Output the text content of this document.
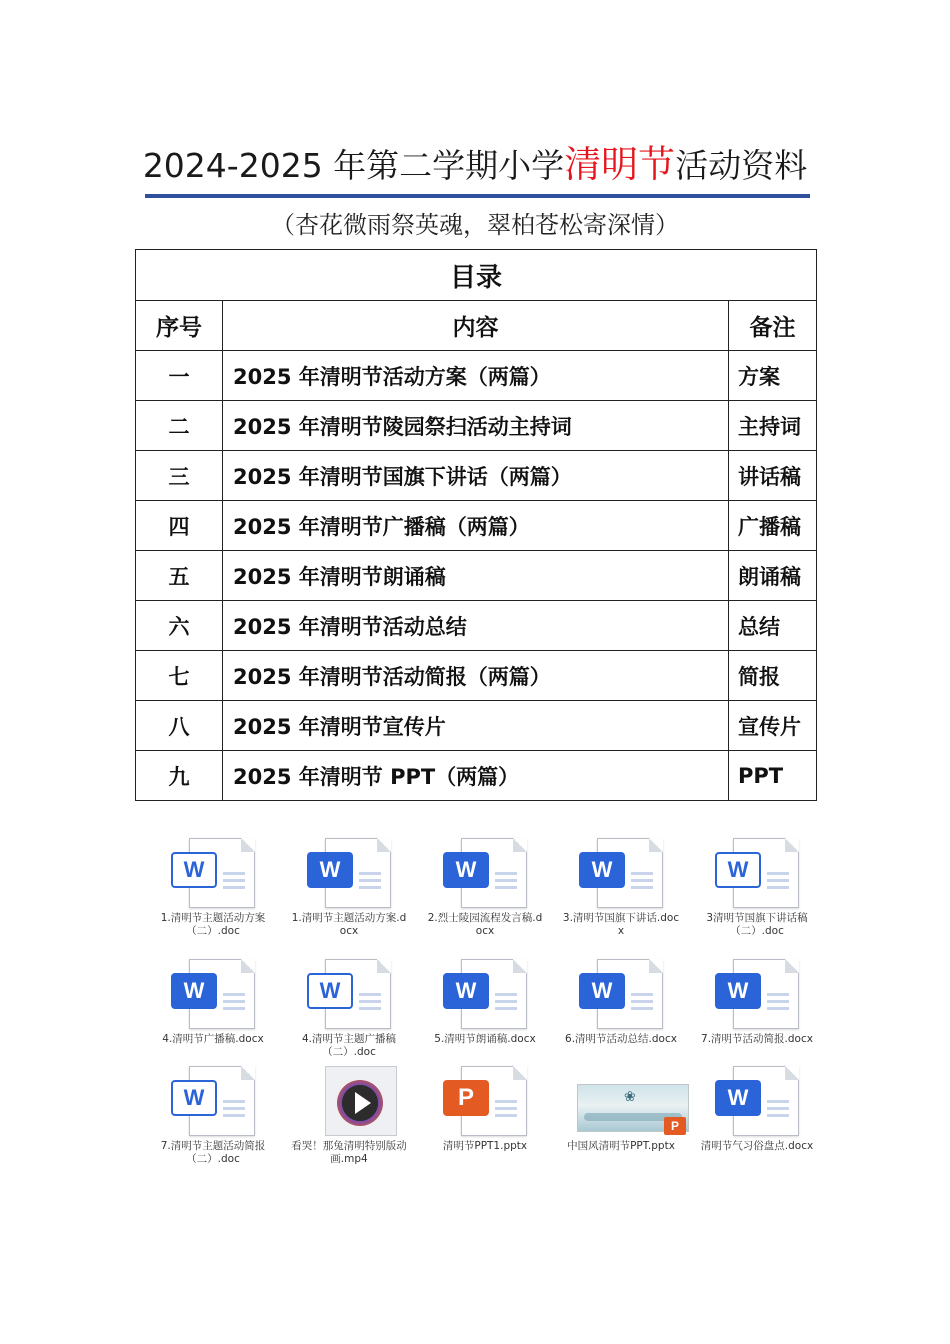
2024-2025 年第二学期小学清明节活动资料
（杏花微雨祭英魂，翠柏苍松寄深情）
目录		
序号	内容	备注
一	2025 年清明节活动方案（两篇）	方案
二	2025 年清明节陵园祭扫活动主持词	主持词
三	2025 年清明节国旗下讲话（两篇）	讲话稿
四	2025 年清明节广播稿（两篇）	广播稿
五	2025 年清明节朗诵稿	朗诵稿
六	2025 年清明节活动总结	总结
七	2025 年清明节活动简报（两篇）	简报
八	2025 年清明节宣传片	宣传片
九	2025 年清明节 PPT（两篇）	PPT
W
1.清明节主题活动方案（二）.doc
W
1.清明节主题活动方案.docx
W
2.烈士陵园流程发言稿.docx
W
3.清明节国旗下讲话.docx
W
3清明节国旗下讲话稿（二）.doc
W
4.清明节广播稿.docx
W
4.清明节主题广播稿（二）.doc
W
5.清明节朗诵稿.docx
W
6.清明节活动总结.docx
W
7.清明节活动简报.docx
W
7.清明节主题活动简报（二）.doc
看哭！那兔清明特别版动画.mp4
P
清明节PPT1.pptx
❀
P
中国风清明节PPT.pptx
W
清明节气习俗盘点.docx
